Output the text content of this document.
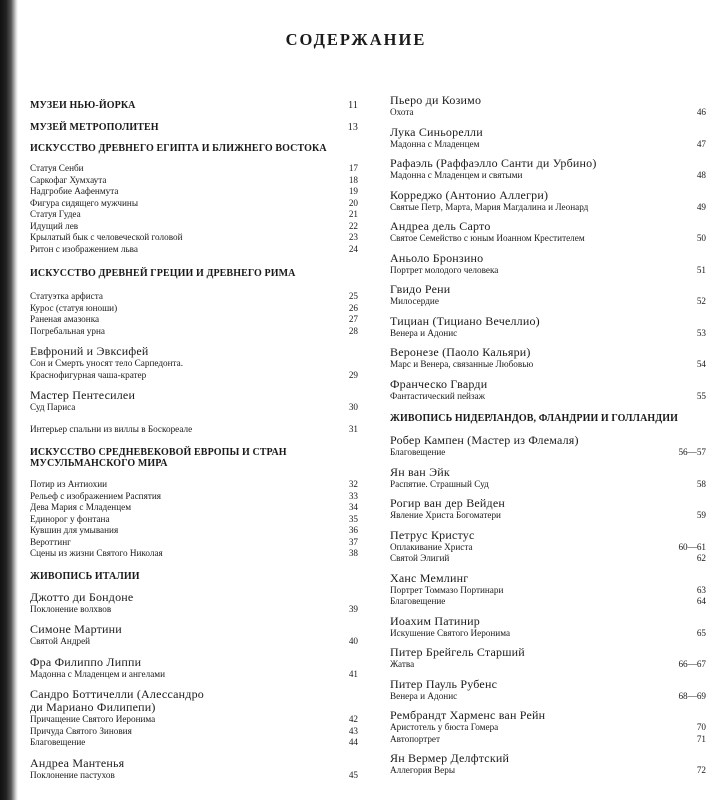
СОДЕРЖАНИЕ
МУЗЕИ НЬЮ-ЙОРКА	11
МУЗЕЙ МЕТРОПОЛИТЕН	13
ИСКУССТВО ДРЕВНЕГО ЕГИПТА И БЛИЖНЕГО ВОСТОКА
Статуя Сенби	17
Саркофаг Хумхаута	18
Надгробие Аафенмута	19
Фигура сидящего мужчины	20
Статуя Гудеа	21
Идущий лев	22
Крылатый бык с человеческой головой	23
Ритон с изображением льва	24
ИСКУССТВО ДРЕВНЕЙ ГРЕЦИИ И ДРЕВНЕГО РИМА
Статуэтка арфиста	25
Курос (статуя юноши)	26
Раненая амазонка	27
Погребальная урна	28
Евфроний и Эвксифей
Сон и Смерть уносят тело Сарпедонта.
Краснофигурная чаша-кратер	29
Мастер Пентесилеи
Суд Париса	30
Интерьер спальни из виллы в Боскореале	31
ИСКУССТВО СРЕДНЕВЕКОВОЙ ЕВРОПЫ И СТРАН МУСУЛЬМАНСКОГО МИРА
Потир из Антиохии	32
Рельеф с изображением Распятия	33
Дева Мария с Младенцем	34
Единорог у фонтана	35
Кувшин для умывания	36
Вероттинг	37
Сцены из жизни Святого Николая	38
ЖИВОПИСЬ ИТАЛИИ
Джотто ди Бондоне
Поклонение волхвов	39
Симоне Мартини
Святой Андрей	40
Фра Филиппо Липпи
Мадонна с Младенцем и ангелами	41
Сандро Боттичелли (Алессандро
ди Мариано Филипепи)
Причащение Святого Иеронима	42
Причуда Святого Зиновия	43
Благовещение	44
Андреа Мантенья
Поклонение пастухов	45
Пьеро ди Козимо
Охота	46
Лука Синьорелли
Мадонна с Младенцем	47
Рафаэль (Раффаэлло Санти ди Урбино)
Мадонна с Младенцем и святыми	48
Корреджо (Антонио Аллегри)
Святые Петр, Марта, Мария Магдалина и Леонард	49
Андреа дель Сарто
Святое Семейство с юным Иоанном Крестителем	50
Аньоло Бронзино
Портрет молодого человека	51
Гвидо Рени
Милосердие	52
Тициан (Тициано Вечеллио)
Венера и Адонис	53
Веронезе (Паоло Кальяри)
Марс и Венера, связанные Любовью	54
Франческо Гварди
Фантастический пейзаж	55
ЖИВОПИСЬ НИДЕРЛАНДОВ, ФЛАНДРИИ И ГОЛЛАНДИИ
Робер Кампен (Мастер из Флемаля)
Благовещение	56—57
Ян ван Эйк
Распятие. Страшный Суд	58
Рогир ван дер Вейден
Явление Христа Богоматери	59
Петрус Кристус
Оплакивание Христа	60—61
Святой Элигий	62
Ханс Мемлинг
Портрет Томмазо Портинари	63
Благовещение	64
Иоахим Патинир
Искушение Святого Иеронима	65
Питер Брейгель Старший
Жатва	66—67
Питер Пауль Рубенс
Венера и Адонис	68—69
Рембрандт Харменс ван Рейн
Аристотель у бюста Гомера	70
Автопортрет	71
Ян Вермер Делфтский
Аллегория Веры	72
